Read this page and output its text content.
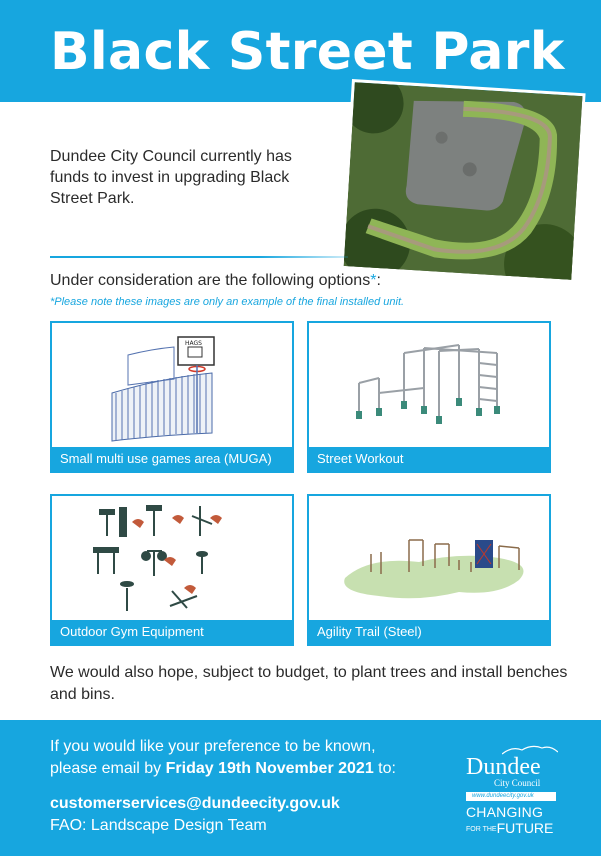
Black Street Park
Dundee City Council currently has funds to invest in upgrading Black Street Park.
Under consideration are the following options*:
*Please note these images are only an example of the final installed unit.
HAGS
Small multi use games area (MUGA)	Street Workout
Outdoor Gym Equipment	Agility Trail (Steel)
We would also hope, subject to budget, to plant trees and install benches and bins.
If you would like your preference to be known,
please email by Friday 19th November 2021 to:
customerservices@dundeecity.gov.uk
FAO: Landscape Design Team
Dundee
City Council
www.dundeecity.gov.uk
CHANGING
FOR THEFUTURE
